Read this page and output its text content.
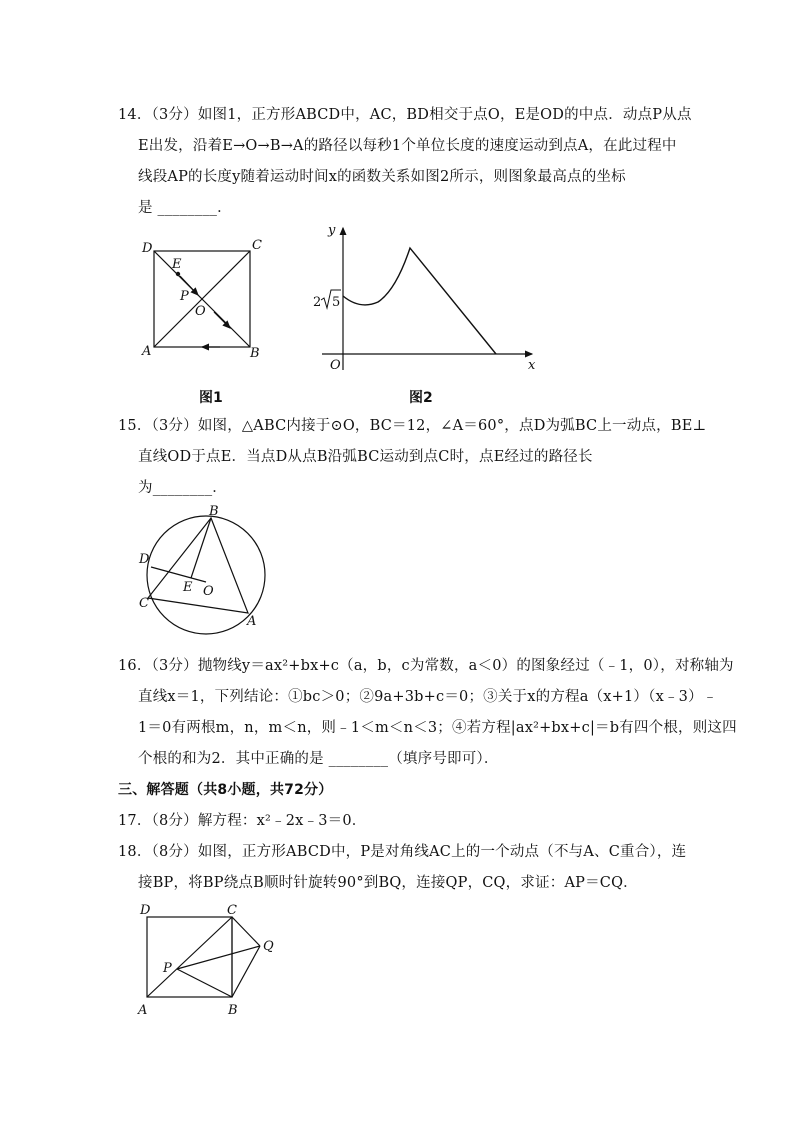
14．（3分）如图1，正方形ABCD中，AC，BD相交于点O，E是OD的中点．动点P从点
E出发，沿着E→O→B→A的路径以每秒1个单位长度的速度运动到点A，在此过程中
线段AP的长度y随着运动时间x的函数关系如图2所示，则图象最高点的坐标
是 ________．
D	C
A	B
E
P
O
图1
y
x
O
2 5
图2
15．（3分）如图，△ABC内接于⊙O，BC＝12，∠A＝60°，点D为弧BC上一动点，BE⊥
直线OD于点E．当点D从点B沿弧BC运动到点C时，点E经过的路径长
为________．
B
D
E O
C
A
16．（3分）抛物线y＝ax²+bx+c（a，b，c为常数，a＜0）的图象经过（﹣1，0），对称轴为
直线x＝1，下列结论：①bc＞0；②9a+3b+c＝0；③关于x的方程a（x+1）（x﹣3）﹣
1＝0有两根m，n，m＜n，则﹣1＜m＜n＜3；④若方程|ax²+bx+c|＝b有四个根，则这四
个根的和为2．其中正确的是 ________（填序号即可）．
三、解答题（共8小题，共72分）
17．（8分）解方程：x²﹣2x﹣3＝0．
18．（8分）如图，正方形ABCD中，P是对角线AC上的一个动点（不与A、C重合），连
接BP，将BP绕点B顺时针旋转90°到BQ，连接QP，CQ，求证：AP＝CQ．
D	C
Q
P
A	B
